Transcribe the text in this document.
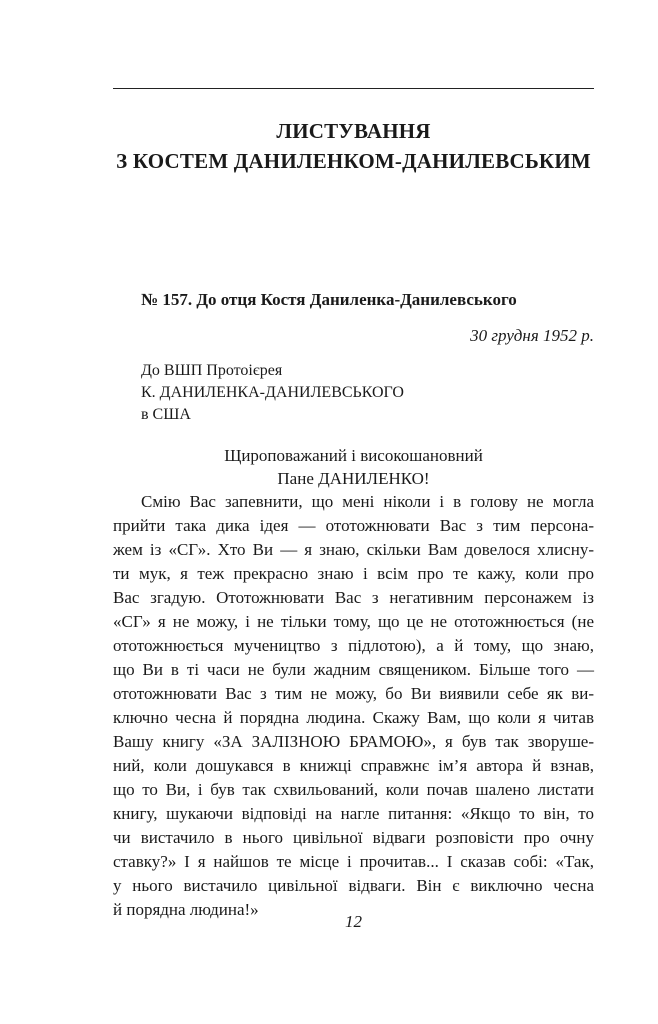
ЛИСТУВАННЯ
З КОСТЕМ ДАНИЛЕНКОМ-ДАНИЛЕВСЬКИМ
№ 157. До отця Костя Даниленка-Данилевського
30 грудня 1952 р.
До ВШП Протоієрея
К. ДАНИЛЕНКА-ДАНИЛЕВСЬКОГО
в США
Щироповажаний і високошановний
Пане ДАНИЛЕНКО!
Смію Вас запевнити, що мені ніколи і в голову не могла
прийти така дика ідея — ототожнювати Вас з тим персона-
жем із «СГ». Хто Ви — я знаю, скільки Вам довелося хлисну-
ти мук, я теж прекрасно знаю і всім про те кажу, коли про
Вас згадую. Ототожнювати Вас з негативним персонажем із
«СГ» я не можу, і не тільки тому, що це не ототожнюється (не
ототожнюється мучеництво з підлотою), а й тому, що знаю,
що Ви в ті часи не були жадним священиком. Більше того —
ототожнювати Вас з тим не можу, бо Ви виявили себе як ви-
ключно чесна й порядна людина. Скажу Вам, що коли я читав
Вашу книгу «ЗА ЗАЛІЗНОЮ БРАМОЮ», я був так зворуше-
ний, коли дошукався в книжці справжнє ім’я автора й взнав,
що то Ви, і був так схвильований, коли почав шалено листати
книгу, шукаючи відповіді на нагле питання: «Якщо то він, то
чи вистачило в нього цивільної відваги розповісти про очну
ставку?» І я найшов те місце і прочитав... І сказав собі: «Так,
у нього вистачило цивільної відваги. Він є виключно чесна
й порядна людина!»
12
